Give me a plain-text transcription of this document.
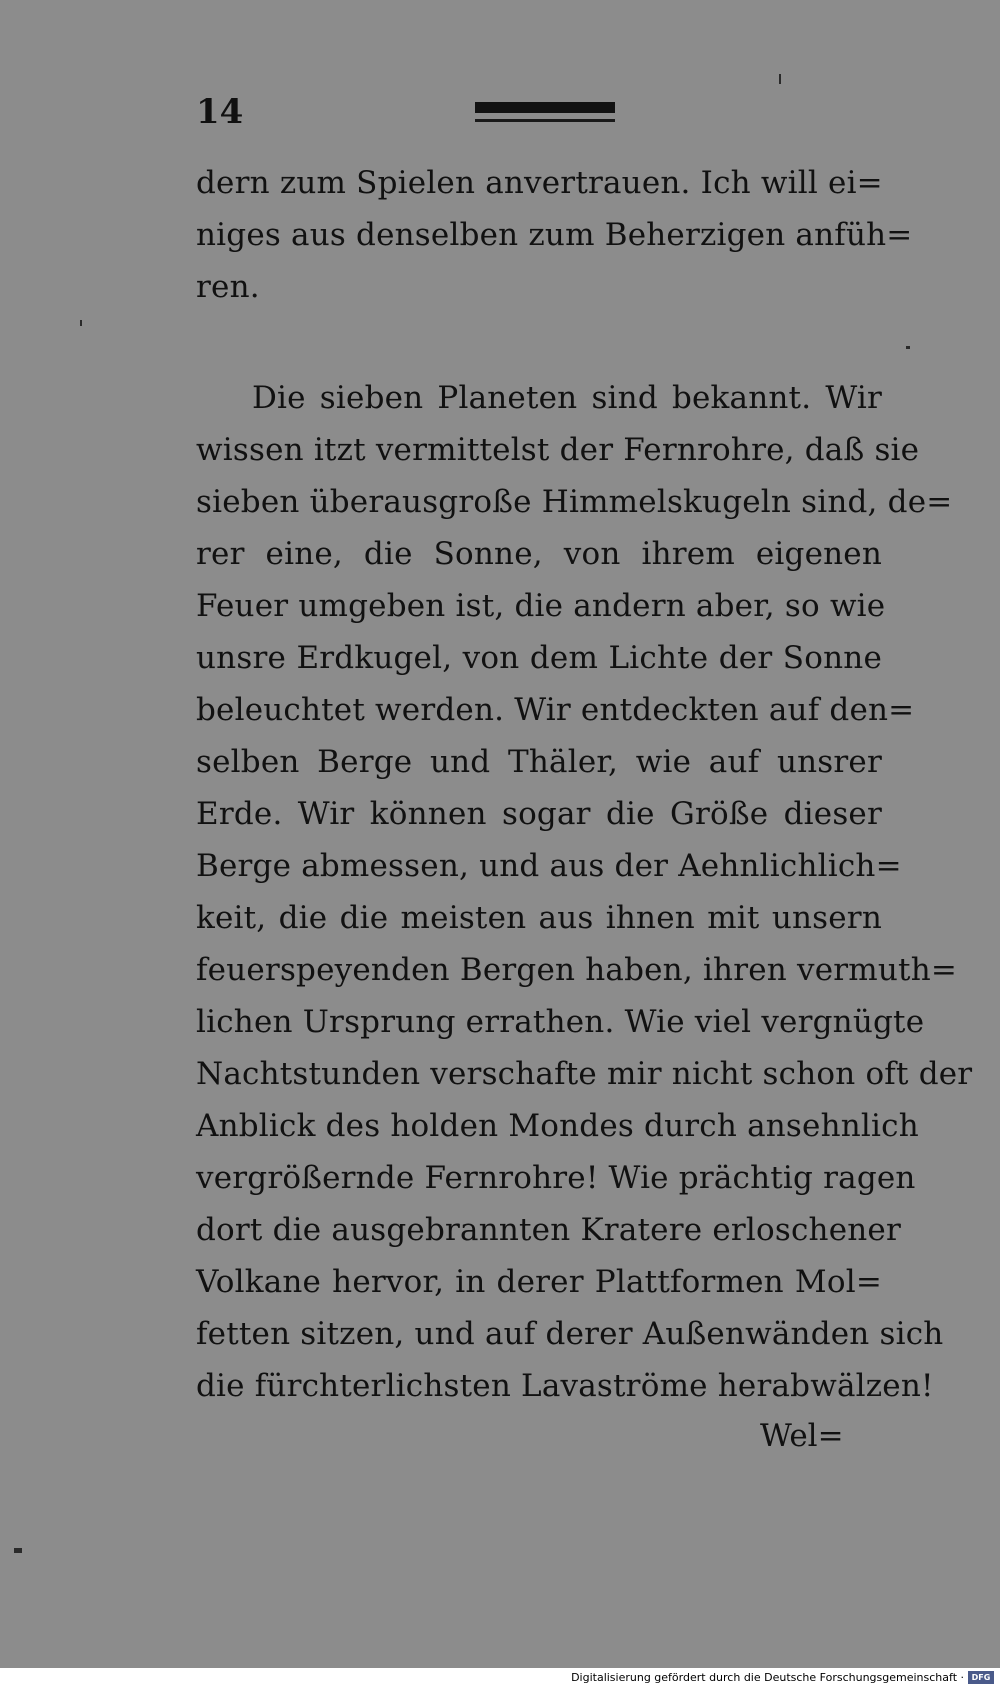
14
dern zum Spielen anvertrauen. Ich will ei=
niges aus denselben zum Beherzigen anfüh=
ren.
Die sieben Planeten sind bekannt. Wir
wissen itzt vermittelst der Fernrohre, daß sie
sieben überausgroße Himmelskugeln sind, de=
rer eine, die Sonne, von ihrem eigenen
Feuer umgeben ist, die andern aber, so wie
unsre Erdkugel, von dem Lichte der Sonne
beleuchtet werden. Wir entdeckten auf den=
selben Berge und Thäler, wie auf unsrer
Erde. Wir können sogar die Größe dieser
Berge abmessen, und aus der Aehnlichlich=
keit, die die meisten aus ihnen mit unsern
feuerspeyenden Bergen haben, ihren vermuth=
lichen Ursprung errathen. Wie viel vergnügte
Nachtstunden verschafte mir nicht schon oft der
Anblick des holden Mondes durch ansehnlich
vergrößernde Fernrohre! Wie prächtig ragen
dort die ausgebrannten Kratere erloschener
Volkane hervor, in derer Plattformen Mol=
fetten sitzen, und auf derer Außenwänden sich
die fürchterlichsten Lavaströme herabwälzen!
Wel=
Digitalisierung gefördert durch die Deutsche Forschungsgemeinschaft · DFG
